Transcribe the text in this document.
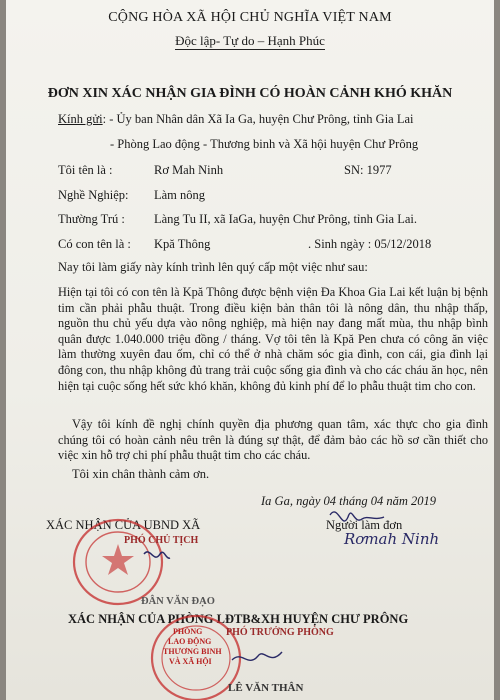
CỘNG HÒA XÃ HỘI CHỦ NGHĨA VIỆT NAM
Độc lập- Tự do – Hạnh Phúc
ĐƠN XIN XÁC NHẬN GIA ĐÌNH CÓ HOÀN CẢNH KHÓ KHĂN
Kính gửi: - Ủy ban Nhân dân Xã Ia Ga, huyện Chư Prông, tỉnh Gia Lai
- Phòng Lao động - Thương binh và Xã hội huyện Chư Prông
Tôi tên là :	Rơ Mah Ninh	SN: 1977
Nghề Nghiệp: Làm nông
Thường Trú : Làng Tu II, xã IaGa, huyện Chư Prông, tỉnh Gia Lai.
Có con tên là : Kpă Thông	. Sinh ngày : 05/12/2018
Nay tôi làm giấy này kính trình lên quý cấp một việc như sau:
Hiện tại tôi có con tên là Kpă Thông được bệnh viện Đa Khoa Gia Lai kết luận bị bệnh tim cần phải phẫu thuật. Trong điều kiện bản thân tôi là nông dân, thu nhập thấp, nguồn thu chủ yếu dựa vào nông nghiệp, mà hiện nay đang mất mùa, thu nhập bình quân được 1.040.000 triệu đồng / tháng. Vợ tôi tên là Kpă Pen chưa có công ăn việc làm thường xuyên đau ốm, chỉ có thể ở nhà chăm sóc gia đình, con cái, gia đình lại đông con, thu nhập không đủ trang trải cuộc sống gia đình và cho các cháu ăn học, nên hiện tại cuộc sống hết sức khó khăn, không đủ kinh phí để lo phẫu thuật tim cho con.
Vậy tôi kính đề nghị chính quyền địa phương quan tâm, xác thực cho gia đình chúng tôi có hoàn cảnh nêu trên là đúng sự thật, để đảm bảo các hồ sơ cần thiết cho việc xin hỗ trợ chi phí phẫu thuật tim cho các cháu.
Tôi xin chân thành cảm ơn.
Ia Ga, ngày 04 tháng 04 năm 2019
XÁC NHẬN CỦA UBND XÃ	Người làm đơn
PHÓ CHỦ TỊCH
ĐÂN VĂN ĐẠO
Rơmah Ninh
XÁC NHẬN CỦA PHÒNG LĐTB&XH HUYỆN CHƯ PRÔNG
PHÒNG
LAO ĐỘNG
THƯƠNG BINH
VÀ XÃ HỘI
PHÓ TRƯỞNG PHÒNG
LÊ VĂN THÂN
